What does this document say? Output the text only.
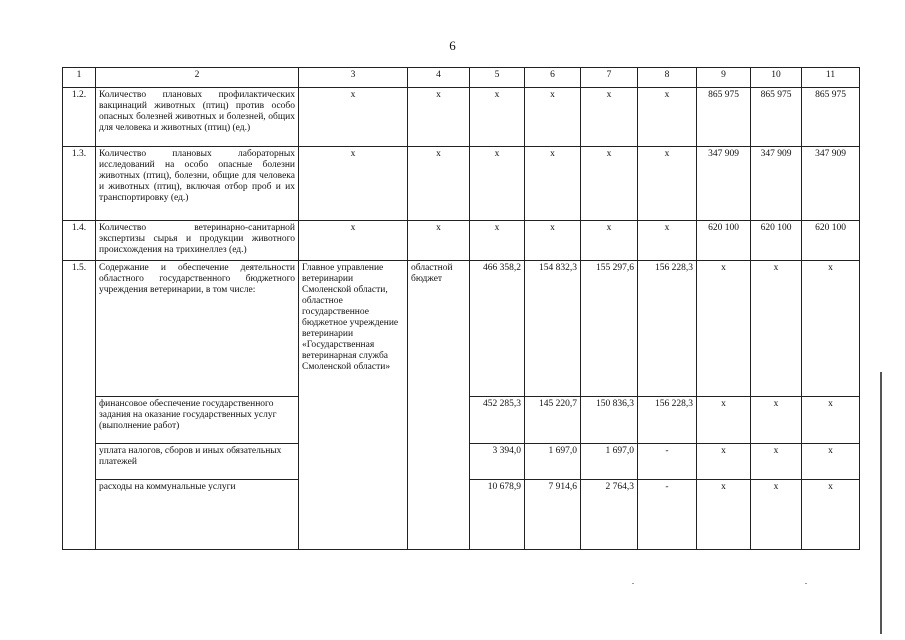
6
1	2	3	4	5	6	7	8	9	10	11
1.2.	Количество плановых профилактических вакцинаций животных (птиц) против особо опасных болезней животных и болезней, общих для человека и животных (птиц) (ед.)	x	x	x	x	x	x	865 975	865 975	865 975
1.3.	Количество плановых лабораторных исследований на особо опасные болезни животных (птиц), болезни, общие для человека и животных (птиц), включая отбор проб и их транспортировку (ед.)	x	x	x	x	x	x	347 909	347 909	347 909
1.4.	Количество ветеринарно-санитарной экспертизы сырья и продукции животного происхождения на трихинеллез (ед.)	x	x	x	x	x	x	620 100	620 100	620 100
1.5.	Содержание и обеспечение деятельности областного государственного бюджетного учреждения ветеринарии, в том числе:	Главное управление ветеринарии Смоленской области, областное государственное бюджетное учреждение ветеринарии «Государственная ветеринарная служба Смоленской области»	областной бюджет	466 358,2	154 832,3	155 297,6	156 228,3	x	x	x
	финансовое обеспечение государственного задания на оказание государственных услуг (выполнение работ)			452 285,3	145 220,7	150 836,3	156 228,3	x	x	x
	уплата налогов, сборов и иных обязательных платежей			3 394,0	1 697,0	1 697,0	-	x	x	x
	расходы на коммунальные услуги			10 678,9	7 914,6	2 764,3	-	x	x	x
